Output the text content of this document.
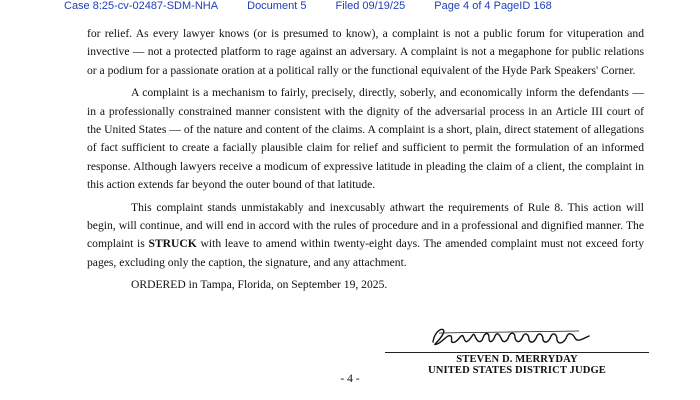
Case 8:25-cv-02487-SDM-NHA	Document 5	Filed 09/19/25	Page 4 of 4 PageID 168

for relief. As every lawyer knows (or is presumed to know), a complaint is not a public forum for vituperation and invective — not a protected platform to rage against an adversary. A complaint is not a megaphone for public relations or a podium for a passionate oration at a political rally or the functional equivalent of the Hyde Park Speakers' Corner.

A complaint is a mechanism to fairly, precisely, directly, soberly, and economically inform the defendants — in a professionally constrained manner consistent with the dignity of the adversarial process in an Article III court of the United States — of the nature and content of the claims. A complaint is a short, plain, direct statement of allegations of fact sufficient to create a facially plausible claim for relief and sufficient to permit the formulation of an informed response. Although lawyers receive a modicum of expressive latitude in pleading the claim of a client, the complaint in this action extends far beyond the outer bound of that latitude.

This complaint stands unmistakably and inexcusably athwart the requirements of Rule 8. This action will begin, will continue, and will end in accord with the rules of procedure and in a professional and dignified manner. The complaint is STRUCK with leave to amend within twenty-eight days. The amended complaint must not exceed forty pages, excluding only the caption, the signature, and any attachment.

ORDERED in Tampa, Florida, on September 19, 2025.

STEVEN D. MERRYDAY
UNITED STATES DISTRICT JUDGE
- 4 -
